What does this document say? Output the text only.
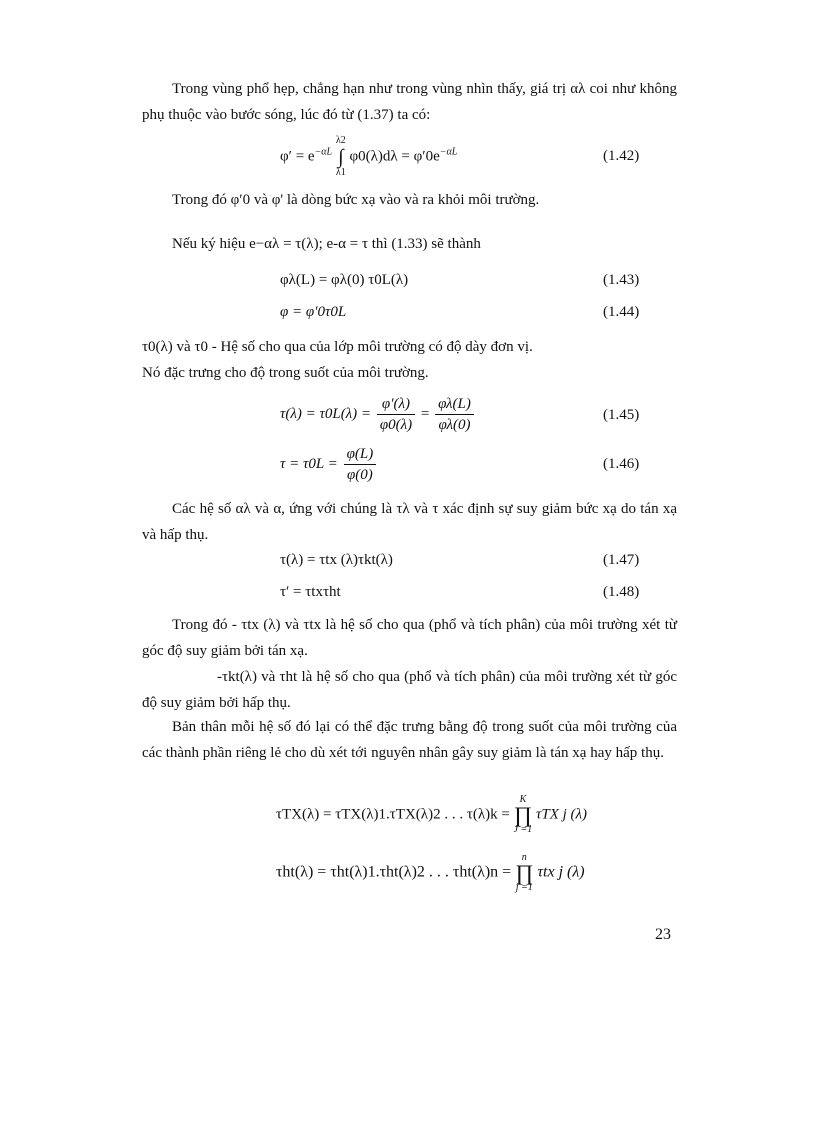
Trong vùng phổ hẹp, chẳng hạn như trong vùng nhìn thấy, giá trị αλ coi như không phụ thuộc vào bước sóng, lúc đó từ (1.37) ta có:
$\varphi' = e^{-\alpha L}$
λ2
∫
λ1
$\varphi 0(\lambda)d\lambda = \varphi'0e^{-\alpha L}$	(1.42)
Trong đó φ′0 và φ' là dòng bức xạ vào và ra khỏi môi trường.
Nếu ký hiệu e−αλ = τ(λ); e-α = τ thì (1.33) sẽ thành
φλ(L) = φλ(0) τ0L(λ)	(1.43)
φ = φ′0τ0L	(1.44)
τ0(λ) và τ0 - Hệ số cho qua của lớp môi trường có độ dày đơn vị.
Nó đặc trưng cho độ trong suốt của môi trường.
$\tau(\lambda) = \tau 0L(\lambda) = \frac{\varphi'(\lambda)}{\varphi 0(\lambda)} = \frac{\varphi\lambda(L)}{\varphi\lambda(0)}$	(1.45)
$\tau = \tau 0L = \frac{\varphi(L)}{\varphi(0)}$	(1.46)
Các hệ số αλ và α, ứng với chúng là τλ và τ xác định sự suy giảm bức xạ do tán xạ và hấp thụ.
τ(λ) = τtx (λ)τkt(λ)	(1.47)
τ′ = τtxτht	(1.48)
Trong đó - τtx (λ) và τtx là hệ số cho qua (phổ và tích phân) của môi trường xét từ góc độ suy giảm bởi tán xạ.
-τkt(λ) và τht là hệ số cho qua (phổ và tích phân) của môi trường xét từ góc độ suy giảm bởi hấp thụ.
Bản thân mỗi hệ số đó lại có thể đặc trưng bằng độ trong suốt của môi trường của các thành phần riêng lẻ cho dù xét tới nguyên nhân gây suy giảm là tán xạ hay hấp thụ.
τTX(λ) = τTX(λ)1.τTX(λ)2 . . . τ(λ)k =
K
∏
J =1
τTX j (λ)
τht(λ) = τht(λ)1.τht(λ)2 . . . τht(λ)n =
n
∏
j =1
τtx j (λ)
23
